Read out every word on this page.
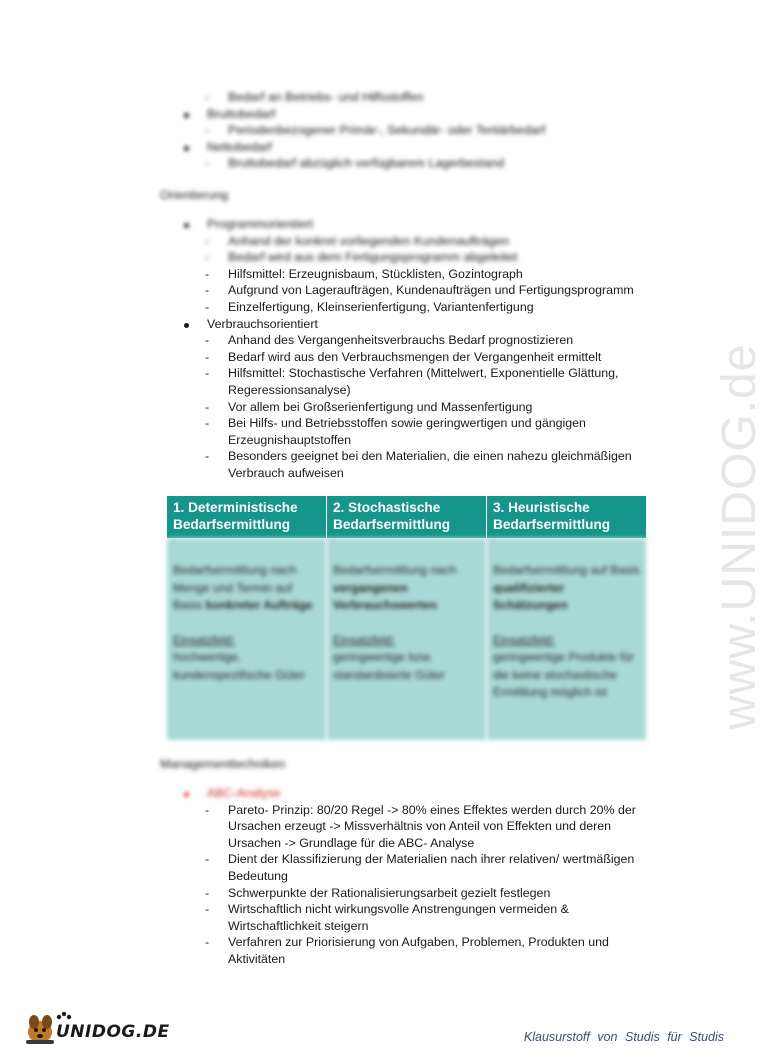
- Bedarf an Betriebs- und Hilfsstoffen
Bruttobedarf
- Periodenbezogener Primär-, Sekundär- oder Tertiärbedarf
Nettobedarf
- Bruttobedarf abzüglich verfügbarem Lagerbestand
Orientierung
Programmorientiert
- Anhand der konkret vorliegenden Kundenaufträgen
- Bedarf wird aus dem Fertigungsprogramm abgeleitet
- Hilfsmittel: Erzeugnisbaum, Stücklisten, Gozintograph
- Aufgrund von Lageraufträgen, Kundenaufträgen und Fertigungsprogramm
- Einzelfertigung, Kleinserienfertigung, Variantenfertigung
Verbrauchsorientiert
- Anhand des Vergangenheitsverbrauchs Bedarf prognostizieren
- Bedarf wird aus den Verbrauchsmengen der Vergangenheit ermittelt
- Hilfsmittel: Stochastische Verfahren (Mittelwert, Exponentielle Glättung, Regeressionsanalyse)
- Vor allem bei Großserienfertigung und Massenfertigung
- Bei Hilfs- und Betriebsstoffen sowie geringwertigen und gängigen Erzeugnishauptstoffen
- Besonders geeignet bei den Materialien, die einen nahezu gleichmäßigen Verbrauch aufweisen
1. Deterministische Bedarfsermittlung
2. Stochastische Bedarfsermittlung
3. Heuristische Bedarfsermittlung
Bedarfsermittlung nach Menge und Termin auf Basis konkreter Aufträge
Einsatzfeld:
hochwertige, kundenspezifische Güter
Bedarfsermittlung nach vergangenen Verbrauchswerten
Einsatzfeld:
geringwertige bzw. standardisierte Güter
Bedarfsermittlung auf Basis qualifizierter Schätzungen
Einsatzfeld:
geringwertige Produkte für die keine stochastische Ermittlung möglich ist
Managementtechniken
ABC-Analyse
- Pareto- Prinzip: 80/20 Regel -> 80% eines Effektes werden durch 20% der Ursachen erzeugt -> Missverhältnis von Anteil von Effekten und deren Ursachen -> Grundlage für die ABC- Analyse
- Dient der Klassifizierung der Materialien nach ihrer relativen/ wertmäßigen Bedeutung
- Schwerpunkte der Rationalisierungsarbeit gezielt festlegen
- Wirtschaftlich nicht wirkungsvolle Anstrengungen vermeiden & Wirtschaftlichkeit steigern
- Verfahren zur Priorisierung von Aufgaben, Problemen, Produkten und Aktivitäten
www.UNIDOG.de
UNIDOG.DE	Klausurstoff von Studis für Studis
